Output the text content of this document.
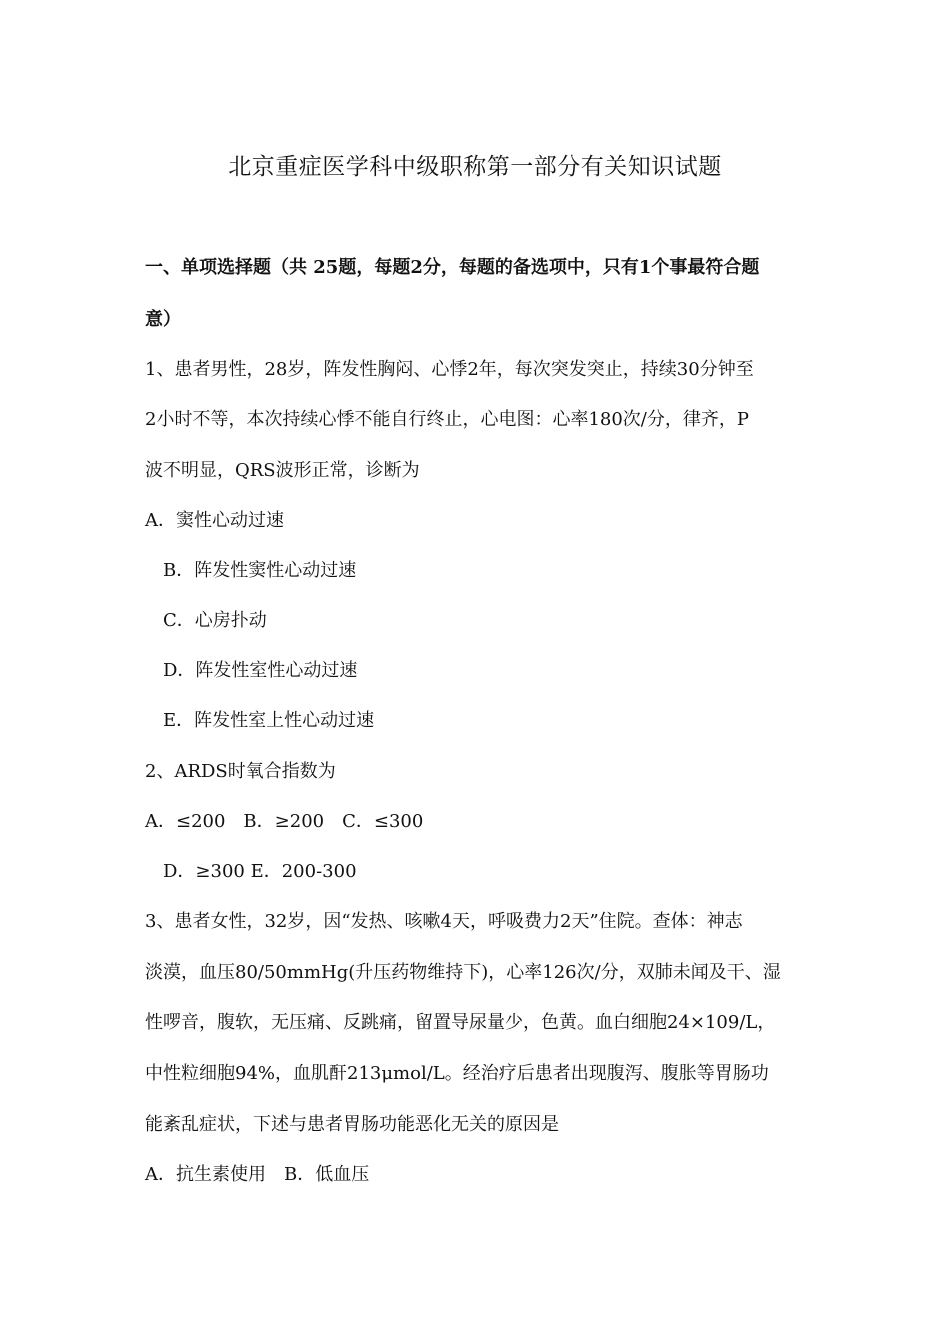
北京重症医学科中级职称第一部分有关知识试题
一、单项选择题（共 25题，每题2分，每题的备选项中，只有1个事最符合题
意）
1、患者男性，28岁，阵发性胸闷、心悸2年，每次突发突止，持续30分钟至
2小时不等，本次持续心悸不能自行终止，心电图：心率180次/分，律齐，P
波不明显，QRS波形正常，诊断为
A．窦性心动过速
B．阵发性窦性心动过速
C．心房扑动
D．阵发性室性心动过速
E．阵发性室上性心动过速
2、ARDS时氧合指数为
A．≤200　B．≥200　C．≤300
D．≥300 E．200-300
3、患者女性，32岁，因“发热、咳嗽4天，呼吸费力2天”住院。查体：神志
淡漠，血压80/50mmHg(升压药物维持下)，心率126次/分，双肺未闻及干、湿
性啰音，腹软，无压痛、反跳痛，留置导尿量少，色黄。血白细胞24×109/L，
中性粒细胞94%，血肌酐213μmol/L。经治疗后患者出现腹泻、腹胀等胃肠功
能紊乱症状，下述与患者胃肠功能恶化无关的原因是
A．抗生素使用　B．低血压
